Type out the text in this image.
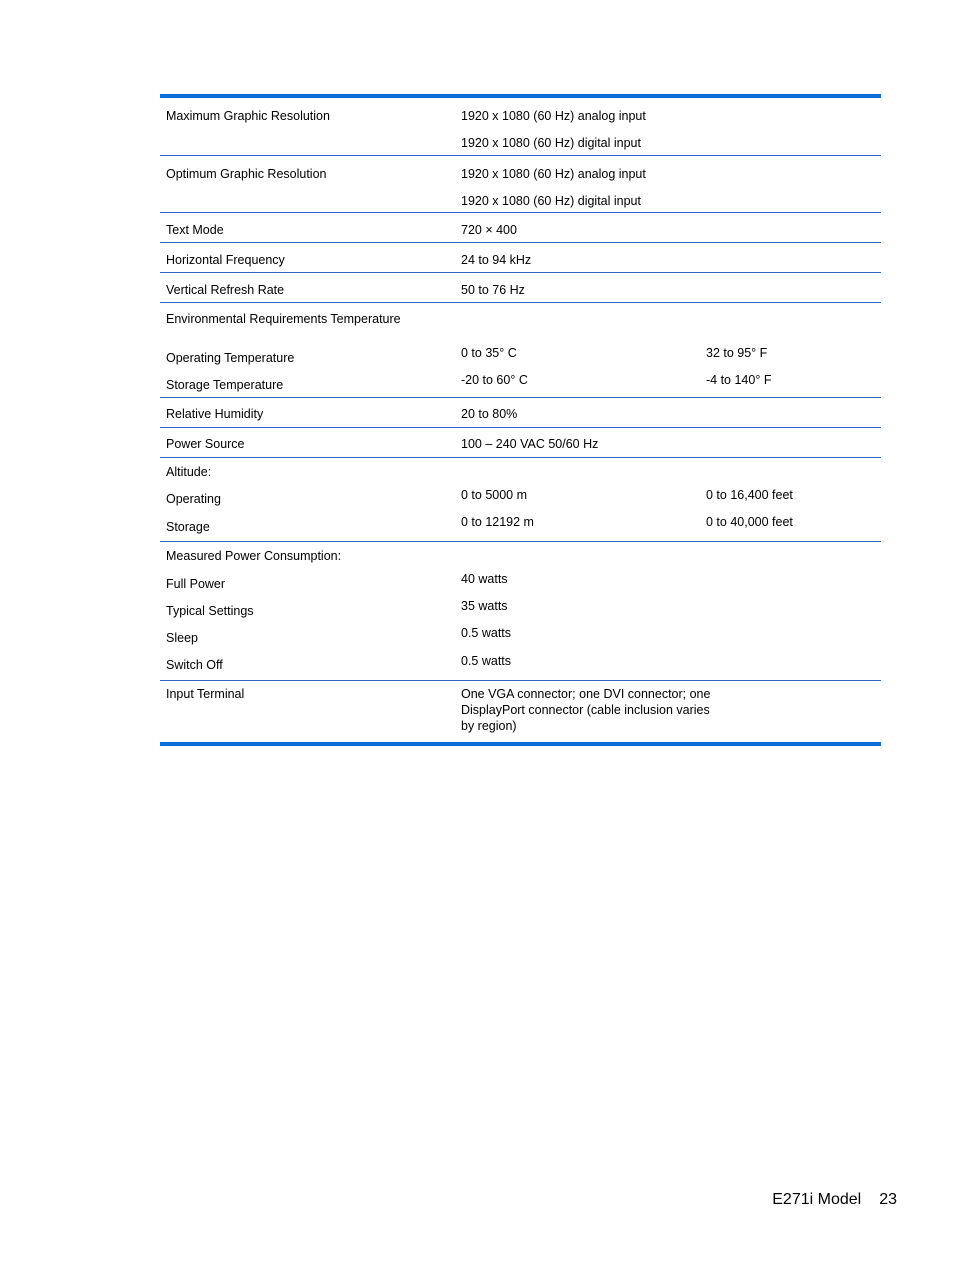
Maximum Graphic Resolution	1920 x 1080 (60 Hz) analog input
1920 x 1080 (60 Hz) digital input
Optimum Graphic Resolution	1920 x 1080 (60 Hz) analog input
1920 x 1080 (60 Hz) digital input
Text Mode	720 × 400
Horizontal Frequency	24 to 94 kHz
Vertical Refresh Rate	50 to 76 Hz
Environmental Requirements Temperature
Operating Temperature	0 to 35° C	32 to 95° F
Storage Temperature	-20 to 60° C	-4 to 140° F
Relative Humidity	20 to 80%
Power Source	100 – 240 VAC 50/60 Hz
Altitude:
Operating	0 to 5000 m	0 to 16,400 feet
Storage	0 to 12192 m	0 to 40,000 feet
Measured Power Consumption:
Full Power	40 watts
Typical Settings	35 watts
Sleep	0.5 watts
Switch Off	0.5 watts
Input Terminal	One VGA connector; one DVI connector; one DisplayPort connector (cable inclusion varies by region)
E271i Model 23
